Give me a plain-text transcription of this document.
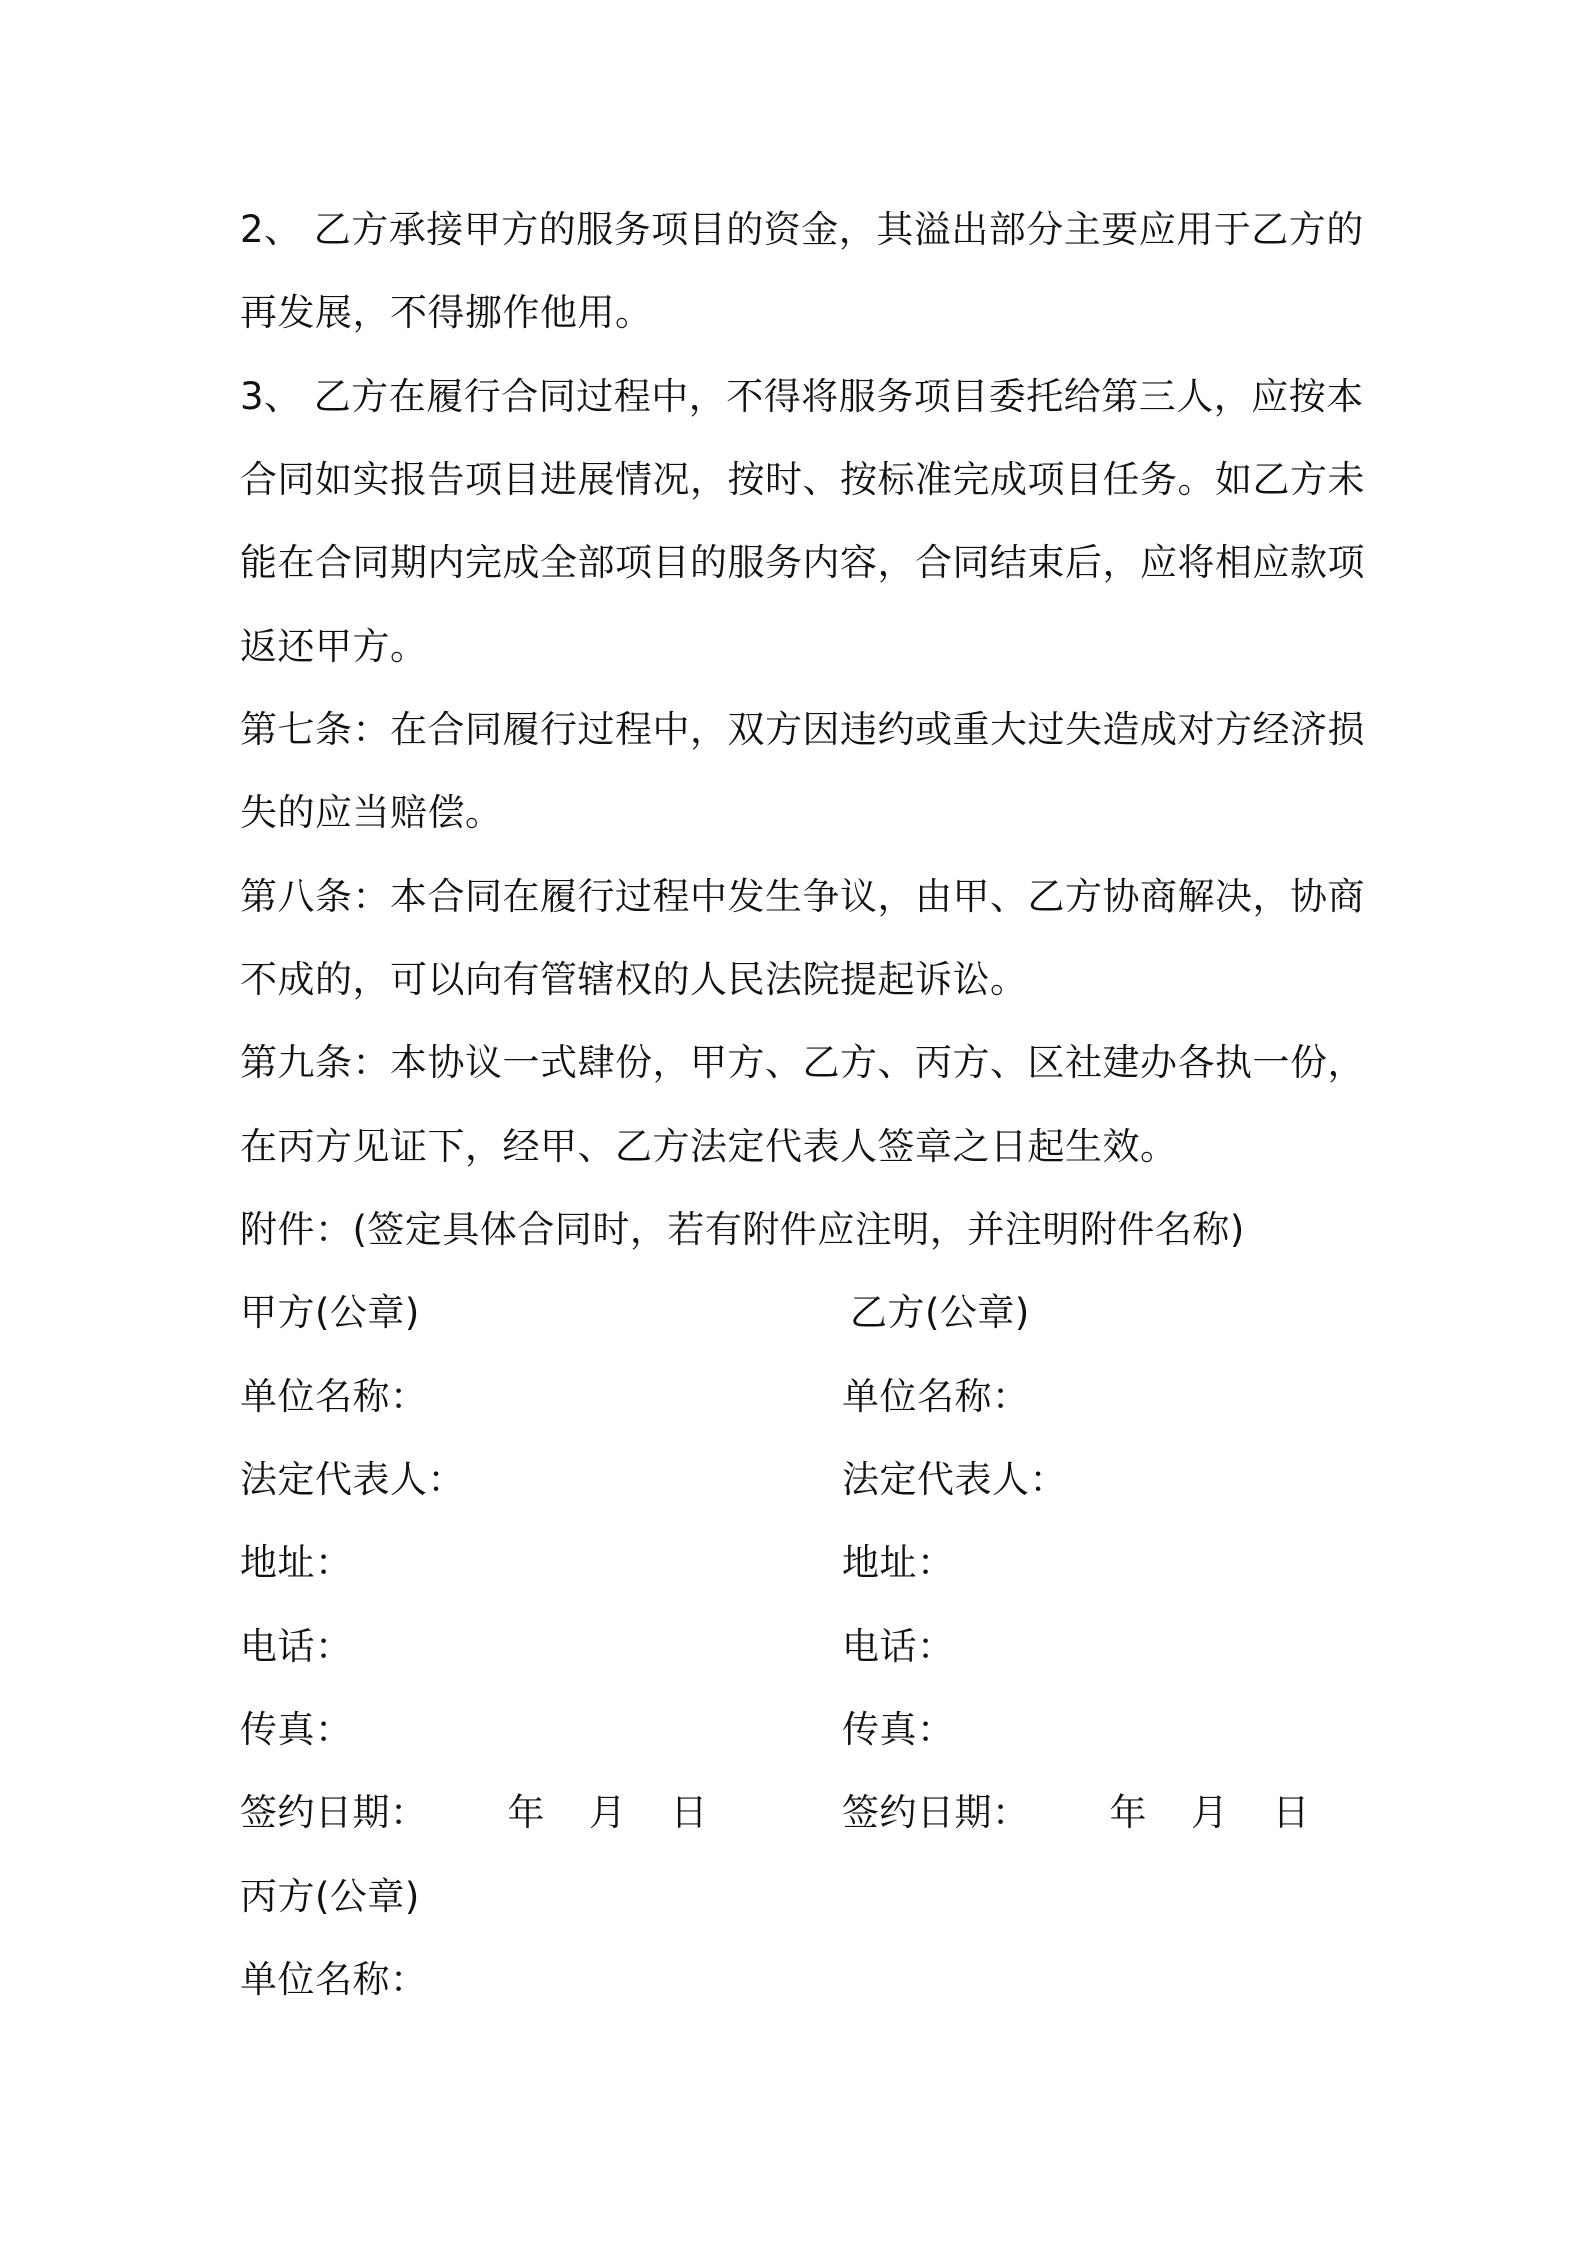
2、 乙方承接甲方的服务项目的资金，其溢出部分主要应用于乙方的
再发展，不得挪作他用。
3、 乙方在履行合同过程中，不得将服务项目委托给第三人，应按本
合同如实报告项目进展情况，按时、按标准完成项目任务。如乙方未
能在合同期内完成全部项目的服务内容，合同结束后，应将相应款项
返还甲方。
第七条：在合同履行过程中，双方因违约或重大过失造成对方经济损
失的应当赔偿。
第八条：本合同在履行过程中发生争议，由甲、乙方协商解决，协商
不成的，可以向有管辖权的人民法院提起诉讼。
第九条：本协议一式肆份，甲方、乙方、丙方、区社建办各执一份，
在丙方见证下，经甲、乙方法定代表人签章之日起生效。
附件：(签定具体合同时，若有附件应注明，并注明附件名称)
甲方(公章)
单位名称：
法定代表人：
地址：
电话：
传真：
签约日期： 年 月 日
乙方(公章)
单位名称：
法定代表人：
地址：
电话：
传真：
签约日期： 年 月 日
丙方(公章)
单位名称：
